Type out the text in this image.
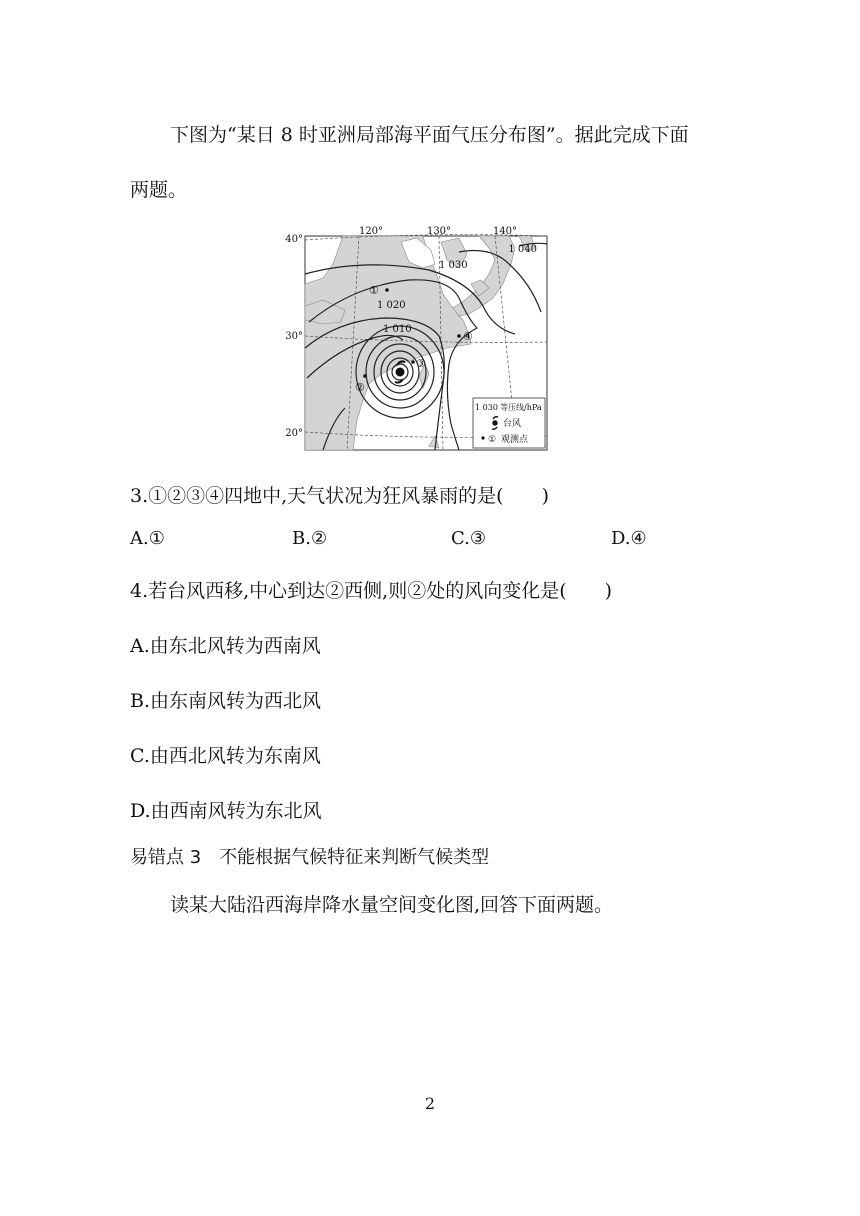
下图为“某日 8 时亚洲局部海平面气压分布图”。据此完成下面
两题。
1 040
1 030
1 020
1 010
①
②
③
④
120°	130°	140°
40°
30°
20°
1 030 等压线/hPa
台风
① 观测点
3.①②③④四地中,天气状况为狂风暴雨的是(　　)
A.①	B.②	C.③	D.④
4.若台风西移,中心到达②西侧,则②处的风向变化是(　　)
A.由东北风转为西南风
B.由东南风转为西北风
C.由西北风转为东南风
D.由西南风转为东北风
易错点 3　不能根据气候特征来判断气候类型
读某大陆沿西海岸降水量空间变化图,回答下面两题。
2
